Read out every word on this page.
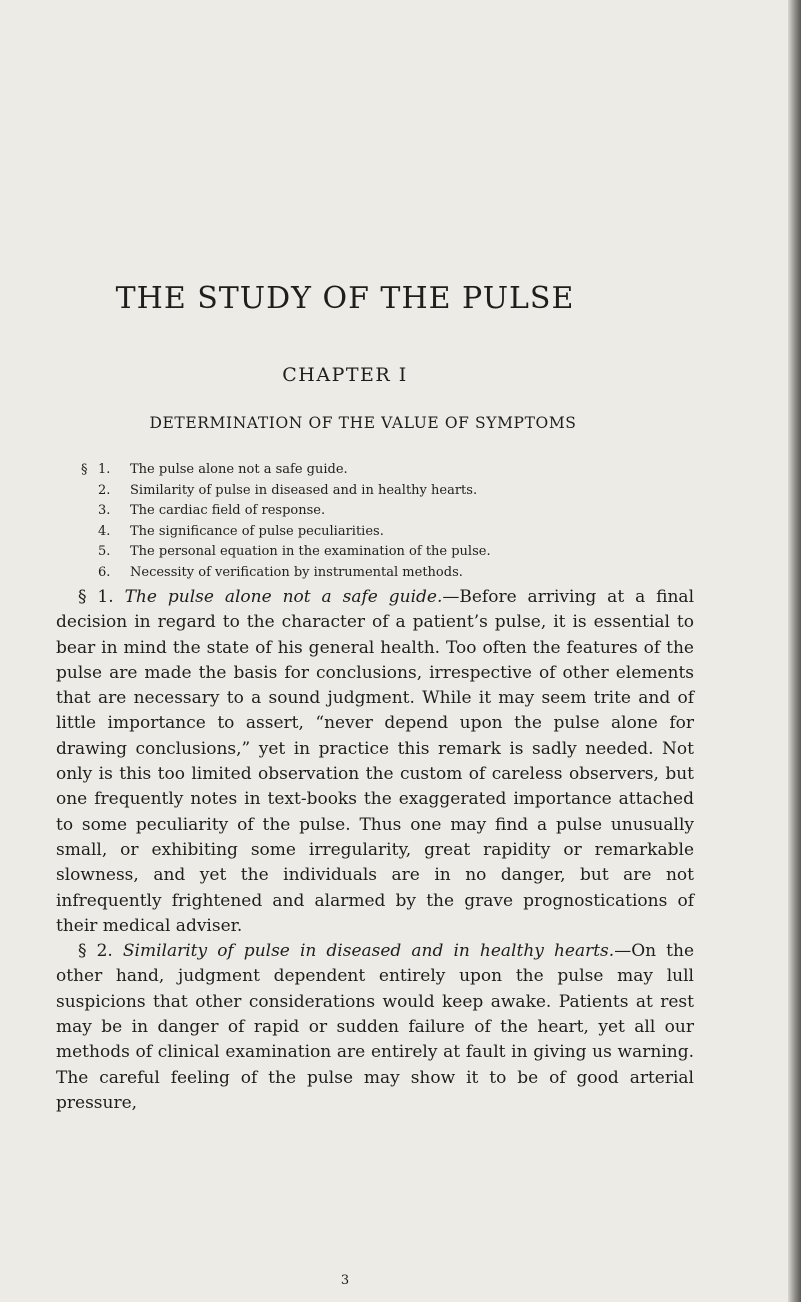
THE STUDY OF THE PULSE
CHAPTER I
DETERMINATION OF THE VALUE OF SYMPTOMS
§ 1. The pulse alone not a safe guide.
2. Similarity of pulse in diseased and in healthy hearts.
3. The cardiac field of response.
4. The significance of pulse peculiarities.
5. The personal equation in the examination of the pulse.
6. Necessity of verification by instrumental methods.

§ 1. The pulse alone not a safe guide.—Before arriving at a final decision in regard to the character of a patient’s pulse, it is essential to bear in mind the state of his general health. Too often the features of the pulse are made the basis for conclusions, irrespective of other elements that are necessary to a sound judgment. While it may seem trite and of little importance to assert, “never depend upon the pulse alone for drawing conclusions,” yet in practice this remark is sadly needed. Not only is this too limited observation the custom of careless observers, but one frequently notes in text-books the exaggerated importance attached to some peculiarity of the pulse. Thus one may find a pulse unusually small, or exhibiting some irregularity, great rapidity or remarkable slowness, and yet the individuals are in no danger, but are not infrequently frightened and alarmed by the grave prognostications of their medical adviser.

§ 2. Similarity of pulse in diseased and in healthy hearts.—On the other hand, judgment dependent entirely upon the pulse may lull suspicions that other considerations would keep awake. Patients at rest may be in danger of rapid or sudden failure of the heart, yet all our methods of clinical examination are entirely at fault in giving us warning. The careful feeling of the pulse may show it to be of good arterial pressure,

3
